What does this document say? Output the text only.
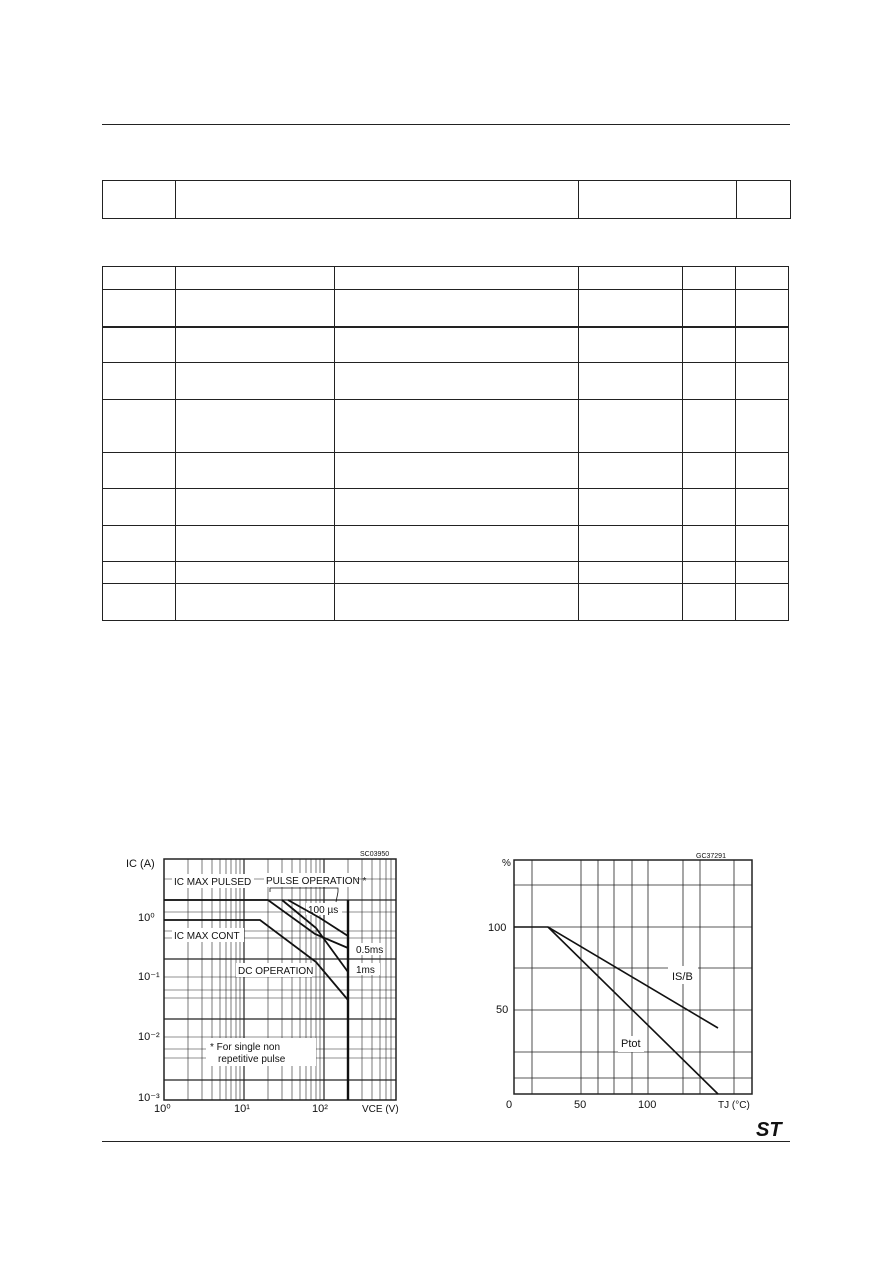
SC03950
IC (A)
IC MAX PULSED PULSE OPERATION *
100 µs
IC MAX CONT
0.5ms
DC OPERATION	1ms
* For single non
repetitive pulse
10⁰
10⁻¹
10⁻²
10⁻³
10⁰	10¹	10²	VCE (V)
GC37291
%
IS/B
Ptot
100
50
0	50	100	TJ (°C)
ST
